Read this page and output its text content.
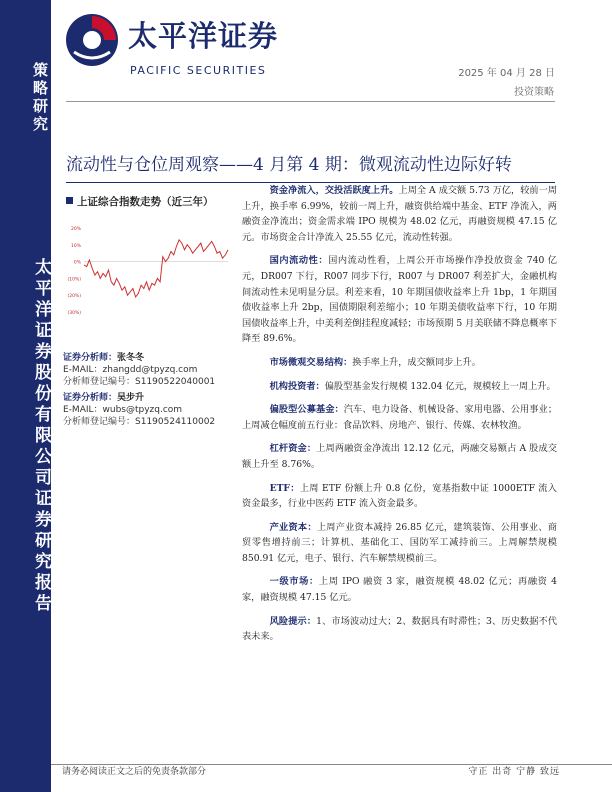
策略研究
太平洋证券股份有限公司证券研究报告
太平洋证券
PACIFIC SECURITIES	2025 年 04 月 28 日
投资策略
流动性与仓位周观察——4 月第 4 期：微观流动性边际好转
上证综合指数走势（近三年）
20%
10%
0%
(10%)
(20%)
(30%)
证券分析师：张冬冬
E-MAIL：zhangdd@tpyzq.com
分析师登记编号：S1190522040001
证券分析师：吴步升
E-MAIL：wubs@tpyzq.com
分析师登记编号：S1190524110002

资金净流入，交投活跃度上升。上周全 A 成交额 5.73 万亿，较前一周上升，换手率 6.99%，较前一周上升，融资供给端中基金、ETF 净流入，两融资金净流出；资金需求端 IPO 规模为 48.02 亿元，再融资规模 47.15 亿元。市场资金合计净流入 25.55 亿元，流动性转强。

国内流动性：国内流动性看，上周公开市场操作净投放资金 740 亿元，DR007 下行，R007 同步下行，R007 与 DR007 利差扩大，金融机构间流动性未见明显分层。利差来看，10 年期国债收益率上升 1bp，1 年期国债收益率上升 2bp，国债期限利差缩小；10 年期美债收益率下行，10 年期国债收益率上升，中美利差倒挂程度减轻；市场预期 5 月美联储不降息概率下降至 89.6%。

市场微观交易结构：换手率上升，成交额同步上升。

机构投资者：偏股型基金发行规模 132.04 亿元，规模较上一周上升。

偏股型公募基金：汽车、电力设备、机械设备、家用电器、公用事业；上周减仓幅度前五行业：食品饮料、房地产、银行、传媒、农林牧渔。

杠杆资金：上周两融资金净流出 12.12 亿元，两融交易额占 A 股成交额上升至 8.76%。

ETF：上周 ETF 份额上升 0.8 亿份，宽基指数中证 1000ETF 流入资金最多，行业中医药 ETF 流入资金最多。

产业资本：上周产业资本减持 26.85 亿元，建筑装饰、公用事业、商贸零售增持前三；计算机、基础化工、国防军工减持前三。上周解禁规模 850.91 亿元，电子、银行、汽车解禁规模前三。

一级市场：上周 IPO 融资 3 家，融资规模 48.02 亿元；再融资 4 家，融资规模 47.15 亿元。

风险提示：1、市场波动过大；2、数据具有时滞性；3、历史数据不代表未来。

请务必阅读正文之后的免责条款部分	守正 出奇 宁静 致远
